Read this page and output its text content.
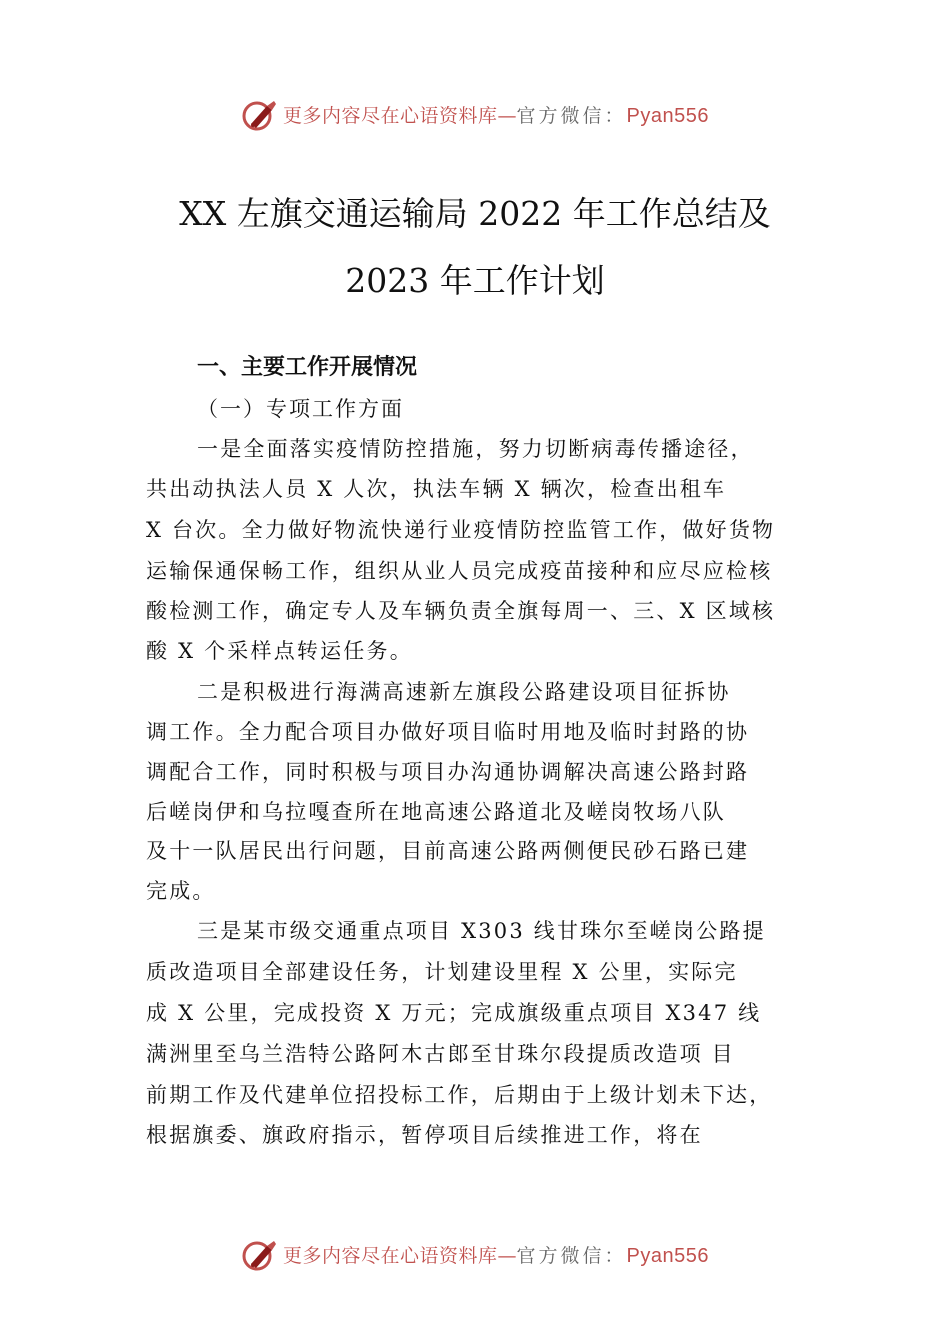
更多内容尽在心语资料库 — 官方微信： Pyan556
XX 左旗交通运输局 2022 年工作总结及
2023 年工作计划
一、主要工作开展情况
（一）专项工作方面
一是全面落实疫情防控措施，努力切断病毒传播途径，
共出动执法人员 X 人次，执法车辆 X 辆次，检查出租车
X 台次。全力做好物流快递行业疫情防控监管工作，做好货物
运输保通保畅工作，组织从业人员完成疫苗接种和应尽应检核
酸检测工作，确定专人及车辆负责全旗每周一、三、X 区域核
酸 X 个采样点转运任务。
二是积极进行海满高速新左旗段公路建设项目征拆协
调工作。全力配合项目办做好项目临时用地及临时封路的协
调配合工作，同时积极与项目办沟通协调解决高速公路封路
后嵯岗伊和乌拉嘎查所在地高速公路道北及嵯岗牧场八队
及十一队居民出行问题，目前高速公路两侧便民砂石路已建
完成。
三是某市级交通重点项目 X303 线甘珠尔至嵯岗公路提
质改造项目全部建设任务，计划建设里程 X 公里，实际完
成 X 公里，完成投资 X 万元；完成旗级重点项目 X347 线
满洲里至乌兰浩特公路阿木古郎至甘珠尔段提质改造项 目
前期工作及代建单位招投标工作，后期由于上级计划未下达，
根据旗委、旗政府指示，暂停项目后续推进工作，将在
更多内容尽在心语资料库 — 官方微信： Pyan556
